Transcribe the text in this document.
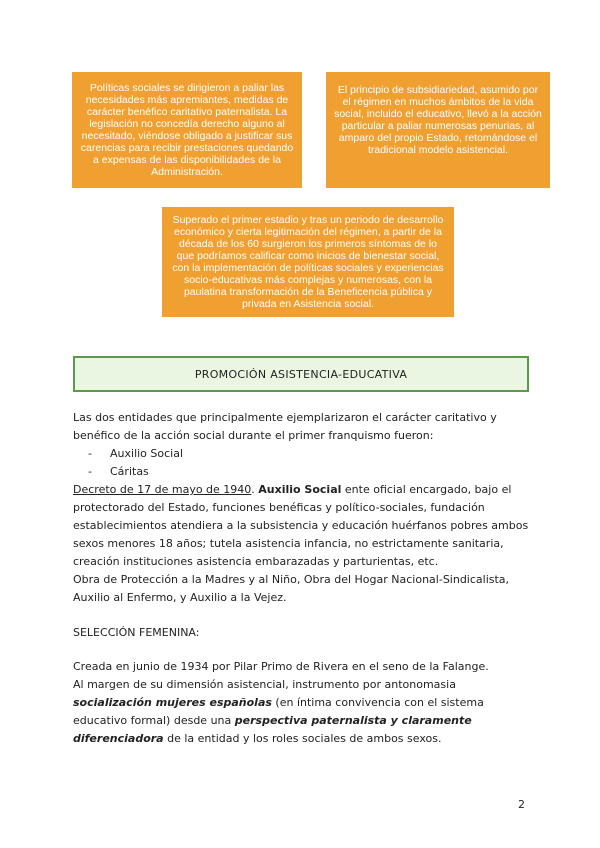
Políticas sociales se dirigieron a paliar las necesidades más apremiantes, medidas de carácter benéfico caritativo paternalista. La legislación no concedía derecho alguno al necesitado, viéndose obligado a justificar sus carencias para recibir prestaciones quedando a expensas de las disponibilidades de la Administración.
El principio de subsidiariedad, asumido por el régimen en muchos ámbitos de la vida social, incluido el educativo, llevó a la acción particular a paliar numerosas penurias, al amparo del propio Estado, retomándose el tradicional modelo asistencial.
Superado el primer estadio y tras un periodo de desarrollo económico y cierta legitimación del régimen, a partir de la década de los 60 surgieron los primeros síntomas de lo que podríamos calificar como inicios de bienestar social, con la implementación de políticas sociales y experiencias socio-educativas más complejas y numerosas, con la paulatina transformación de la Beneficencia pública y privada en Asistencia social.
PROMOCIÓN ASISTENCIA-EDUCATIVA

Las dos entidades que principalmente ejemplarizaron el carácter caritativo y benéfico de la acción social durante el primer franquismo fueron:

- Auxilio Social
- Cáritas

Decreto de 17 de mayo de 1940. Auxilio Social ente oficial encargado, bajo el protectorado del Estado, funciones benéficas y político-sociales, fundación establecimientos atendiera a la subsistencia y educación huérfanos pobres ambos sexos menores 18 años; tutela asistencia infancia, no estrictamente sanitaria, creación instituciones asistencia embarazadas y parturientas, etc.

Obra de Protección a la Madres y al Niño, Obra del Hogar Nacional-Sindicalista, Auxilio al Enfermo, y Auxilio a la Vejez.

SELECCIÓN FEMENINA:

Creada en junio de 1934 por Pilar Primo de Rivera en el seno de la Falange.

Al margen de su dimensión asistencial, instrumento por antonomasia socialización mujeres españolas (en íntima convivencia con el sistema educativo formal) desde una perspectiva paternalista y claramente diferenciadora de la entidad y los roles sociales de ambos sexos.

2
